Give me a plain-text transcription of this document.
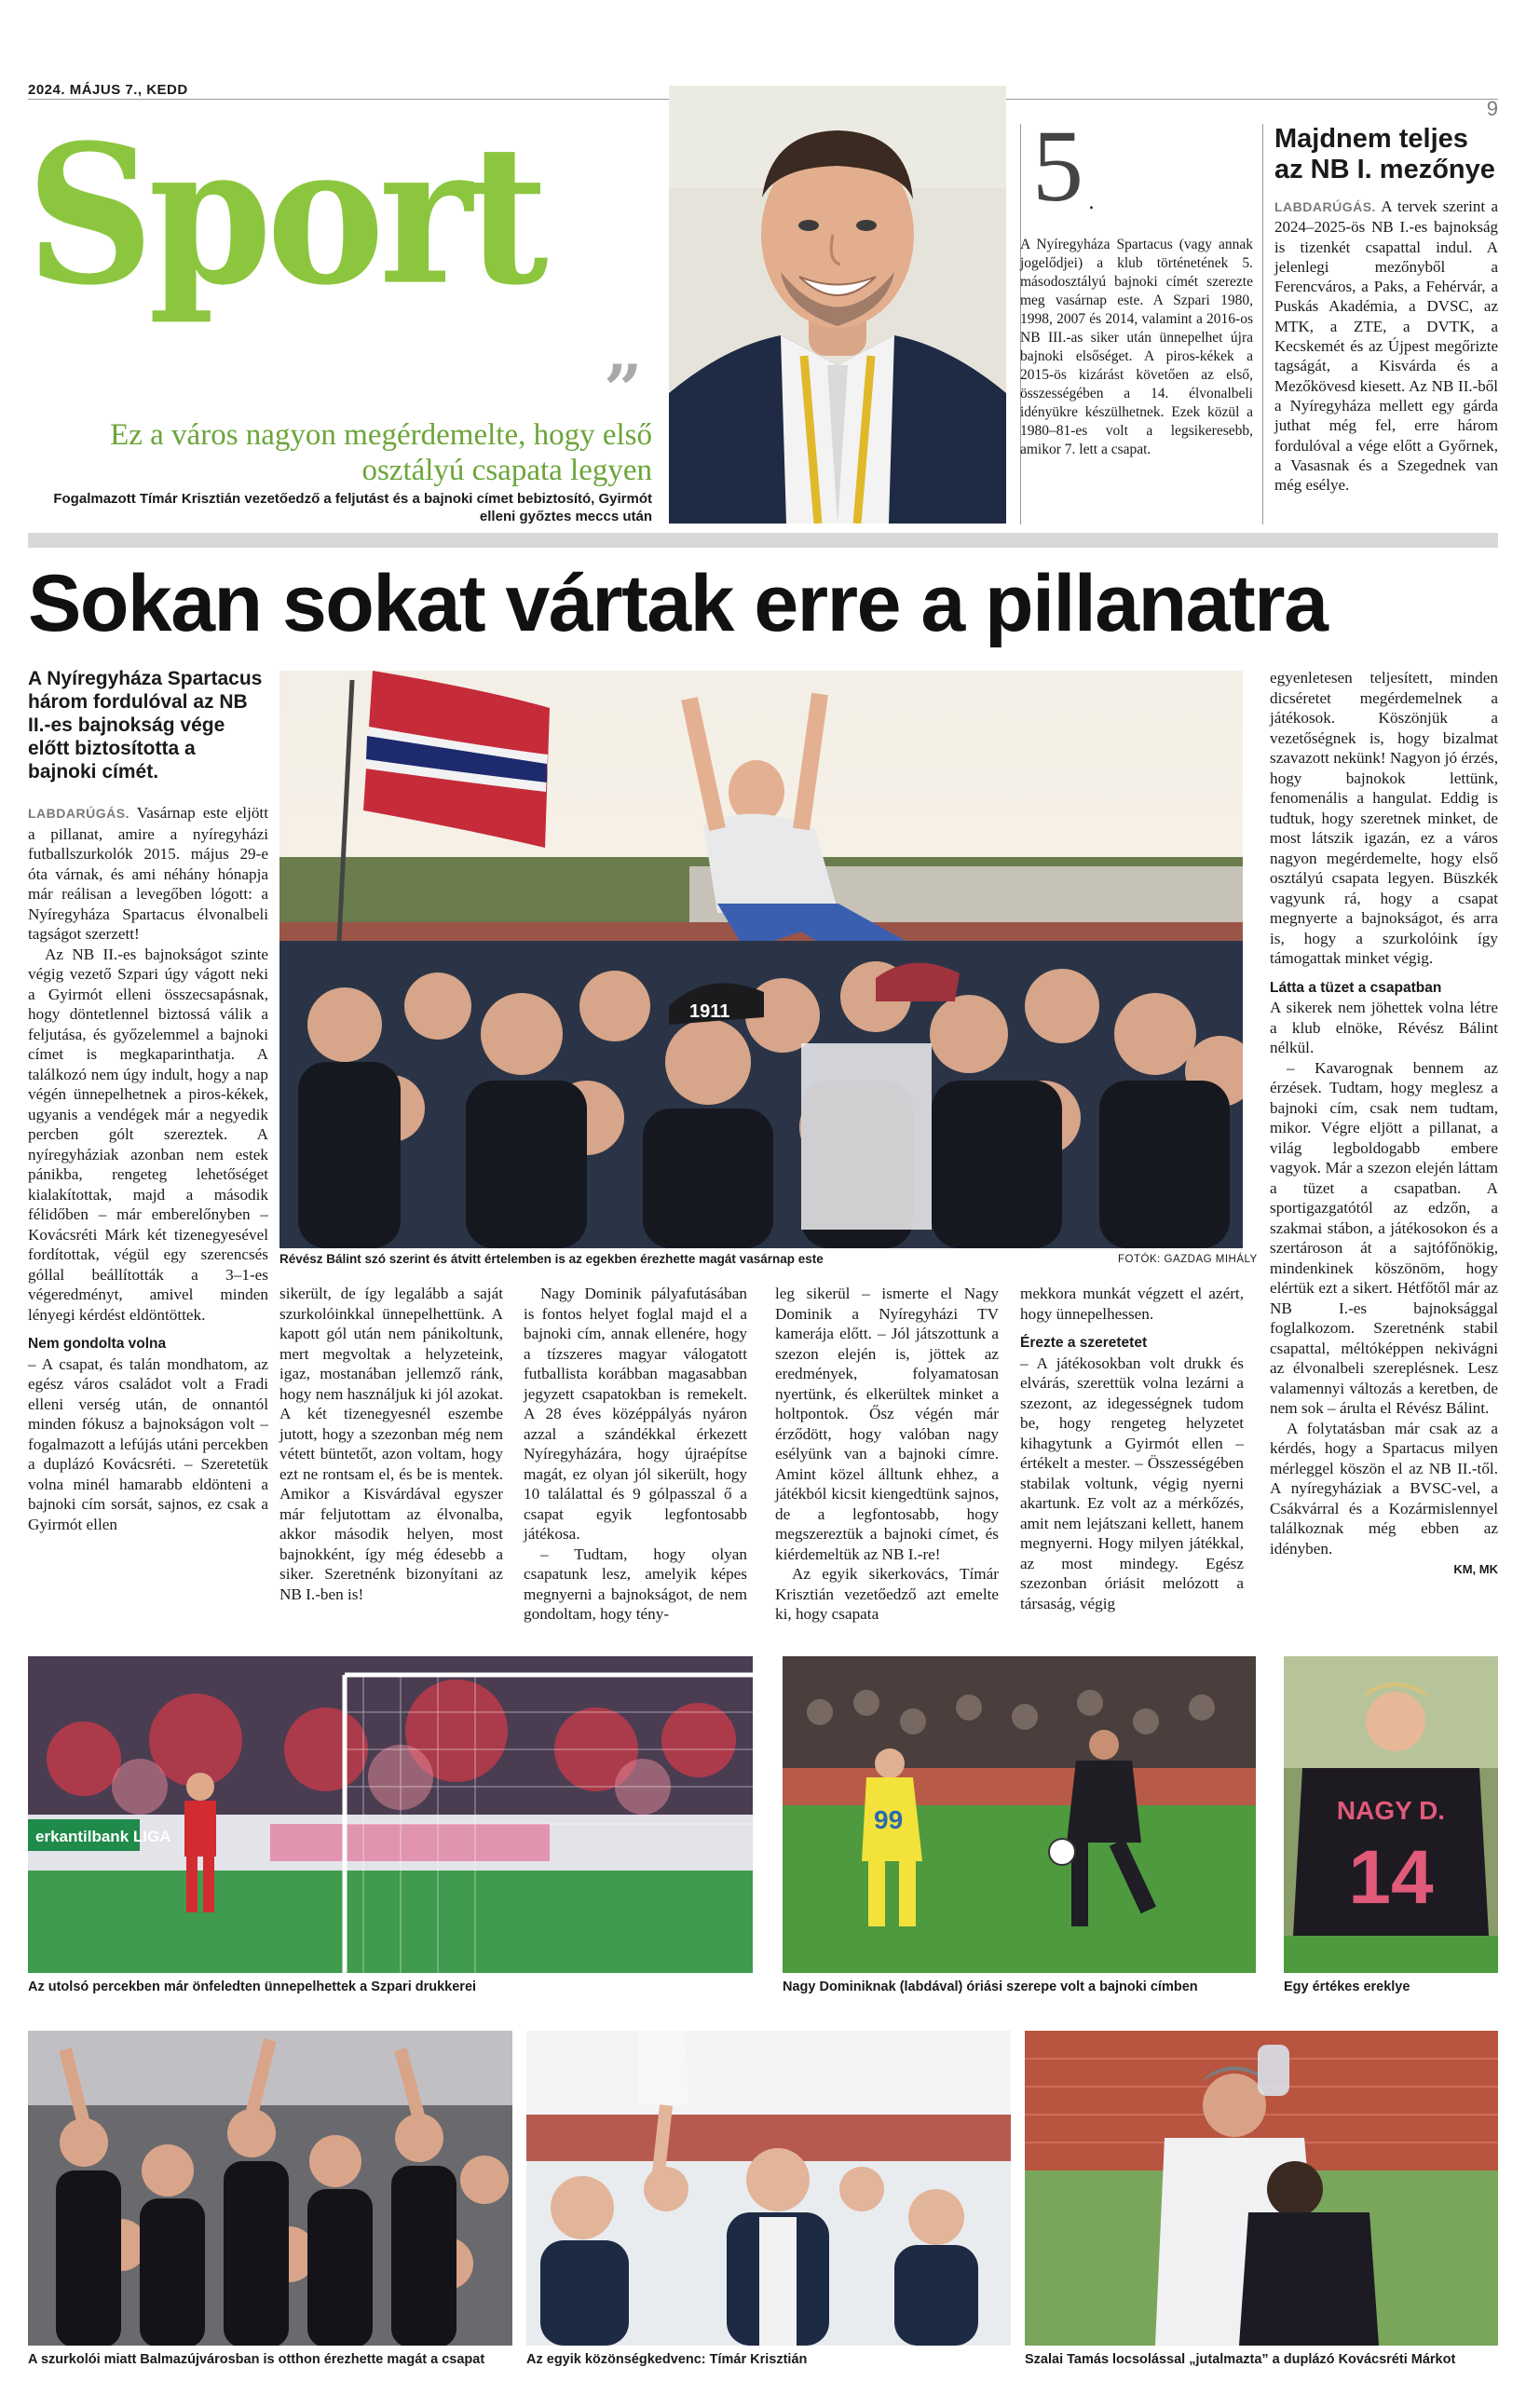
2024. MÁJUS 7., KEDD
9
Sport
”
Ez a város nagyon megérdemelte, hogy első osztályú csapata legyen
Fogalmazott Tímár Krisztián vezetőedző a feljutást és a bajnoki címet bebiztosító, Gyirmót elleni győztes meccs után
5 .
A Nyíregyháza Spartacus (vagy annak jogelődjei) a klub történetének 5. másodosztályú bajnoki címét szerezte meg vasárnap este. A Szpari 1980, 1998, 2007 és 2014, valamint a 2016-os NB III.-as siker után ünnepelhet újra bajnoki elsőséget. A piros-kékek a 2015-ös kizárást követően az első, összességében a 14. élvonalbeli idényükre készülhetnek. Ezek közül a 1980–81-es volt a legsikeresebb, amikor 7. lett a csapat.
Majdnem teljes az NB I. mezőnye
LABDARÚGÁS. A tervek szerint a 2024–2025-ös NB I.-es bajnokság is tizenkét csapattal indul. A jelenlegi mezőnyből a Ferencváros, a Paks, a Fehérvár, a Puskás Akadémia, a DVSC, az MTK, a ZTE, a DVTK, a Kecskemét és az Újpest megőrizte tagságát, a Kisvárda és a Mezőkövesd kiesett. Az NB II.-ből a Nyíregyháza mellett egy gárda juthat még fel, erre három fordulóval a vége előtt a Győrnek, a Vasasnak és a Szegednek van még esélye.
Sokan sokat vártak erre a pillanatra
A Nyíregyháza Spartacus három fordulóval az NB II.-es bajnokság vége előtt biztosította a bajnoki címét.

LABDARÚGÁS. Vasárnap este eljött a pillanat, amire a nyíregyházi futballszurkolók 2015. május 29-e óta várnak, és ami néhány hónapja már reálisan a levegőben lógott: a Nyíregyháza Spartacus élvonalbeli tagságot szerzett!

Az NB II.-es bajnokságot szinte végig vezető Szpari úgy vágott neki a Gyirmót elleni összecsapásnak, hogy döntetlennel biztossá válik a feljutása, és győzelemmel a bajnoki címet is megkaparinthatja. A találkozó nem úgy indult, hogy a nap végén ünnepelhetnek a piros-kékek, ugyanis a vendégek már a negyedik percben gólt szereztek. A nyíregyháziak azonban nem estek pánikba, rengeteg lehetőséget kialakítottak, majd a második félidőben – már emberelőnyben – Kovácsréti Márk két tizenegyesével fordítottak, végül egy szerencsés góllal beállították a 3–1-es végeredményt, amivel minden lényegi kérdést eldöntöttek.

Nem gondolta volna

– A csapat, és talán mondhatom, az egész város családot volt a Fradi elleni verség után, de onnantól minden fókusz a bajnokságon volt – fogalmazott a lefújás utáni percekben a duplázó Kovácsréti. – Szeretetük volna minél hamarabb eldönteni a bajnoki cím sorsát, sajnos, ez csak a Gyirmót ellen

1911
Révész Bálint szó szerint és átvitt értelemben is az egekben érezhette magát vasárnap este	FOTÓK: GAZDAG MIHÁLY

sikerült, de így legalább a saját szurkolóinkkal ünnepelhettünk. A kapott gól után nem pánikoltunk, mert megvoltak a helyzeteink, igaz, mostanában jellemző ránk, hogy nem használjuk ki jól azokat. A két tizenegyesnél eszembe jutott, hogy a szezonban még nem vétett büntetőt, azon voltam, hogy ezt ne rontsam el, és be is mentek. Amikor a Kisvárdával egyszer már feljutottam az élvonalba, akkor második helyen, most bajnokként, így még édesebb a siker. Szeretnénk bizonyítani az NB I.-ben is!

Nagy Dominik pályafutásában is fontos helyet foglal majd el a bajnoki cím, annak ellenére, hogy a tízszeres magyar válogatott futballista korábban magasabban jegyzett csapatokban is remekelt. A 28 éves középpályás nyáron azzal a szándékkal érkezett Nyíregyházára, hogy újraépítse magát, ez olyan jól sikerült, hogy 10 találattal és 9 gólpasszal ő a csapat egyik legfontosabb játékosa.

– Tudtam, hogy olyan csapatunk lesz, amelyik képes megnyerni a bajnokságot, de nem gondoltam, hogy tény-

leg sikerül – ismerte el Nagy Dominik a Nyíregyházi TV kamerája előtt. – Jól játszottunk a szezon elején is, jöttek az eredmények, folyamatosan nyertünk, és elkerültek minket a holtpontok. Ősz végén már érződött, hogy valóban nagy esélyünk van a bajnoki címre. Amint közel álltunk ehhez, a játékból kicsit kiengedtünk sajnos, de a legfontosabb, hogy megszereztük a bajnoki címet, és kiérdemeltük az NB I.-re!

Az egyik sikerkovács, Tímár Krisztián vezetőedző azt emelte ki, hogy csapata

mekkora munkát végzett el azért, hogy ünnepelhessen.

Érezte a szeretetet

– A játékosokban volt drukk és elvárás, szerettük volna lezárni a szezont, az idegességnek tudom be, hogy rengeteg helyzetet kihagytunk a Gyirmót ellen – értékelt a mester. – Összességében stabilak voltunk, végig nyerni akartunk. Ez volt az a mérkőzés, amit nem lejátszani kellett, hanem megnyerni. Hogy milyen játékkal, az most mindegy. Egész szezonban óriásit melózott a társaság, végig

egyenletesen teljesített, minden dicséretet megérdemelnek a játékosok. Köszönjük a vezetőségnek is, hogy bizalmat szavazott nekünk! Nagyon jó érzés, hogy bajnokok lettünk, fenomenális a hangulat. Eddig is tudtuk, hogy szeretnek minket, de most látszik igazán, ez a város nagyon megérdemelte, hogy első osztályú csapata legyen. Büszkék vagyunk rá, hogy a csapat megnyerte a bajnokságot, és arra is, hogy a szurkolóink így támogattak minket végig.

Látta a tüzet a csapatban

A sikerek nem jöhettek volna létre a klub elnöke, Révész Bálint nélkül.

– Kavarognak bennem az érzések. Tudtam, hogy meglesz a bajnoki cím, csak nem tudtam, mikor. Végre eljött a pillanat, a világ legboldogabb embere vagyok. Már a szezon elején láttam a tüzet a csapatban. A sportigazgatótól az edzőn, a szakmai stábon, a játékosokon és a szertároson át a sajtófőnökig, mindenkinek köszönöm, hogy elértük ezt a sikert. Hétfőtől már az NB I.-es bajnoksággal foglalkozom. Szeretnénk stabil csapattal, méltóképpen nekivágni az élvonalbeli szereplésnek. Lesz valamennyi változás a keretben, de nem sok – árulta el Révész Bálint.

A folytatásban már csak az a kérdés, hogy a Spartacus milyen mérleggel köszön el az NB II.-től. A nyíregyháziak a BVSC-vel, a Csákvárral és a Kozármislennyel találkoznak még ebben az idényben.

KM, MK

erkantilbank LIGA
Az utolsó percekben már önfeledten ünnepelhettek a Szpari drukkerei
99
Nagy Dominiknak (labdával) óriási szerepe volt a bajnoki címben
NAGY D.
14
Egy értékes ereklye
A szurkolói miatt Balmazújvárosban is otthon érezhette magát a csapat	Az egyik közönségkedvenc: Tímár Krisztián	Szalai Tamás locsolással „jutalmazta” a duplázó Kovácsréti Márkot
